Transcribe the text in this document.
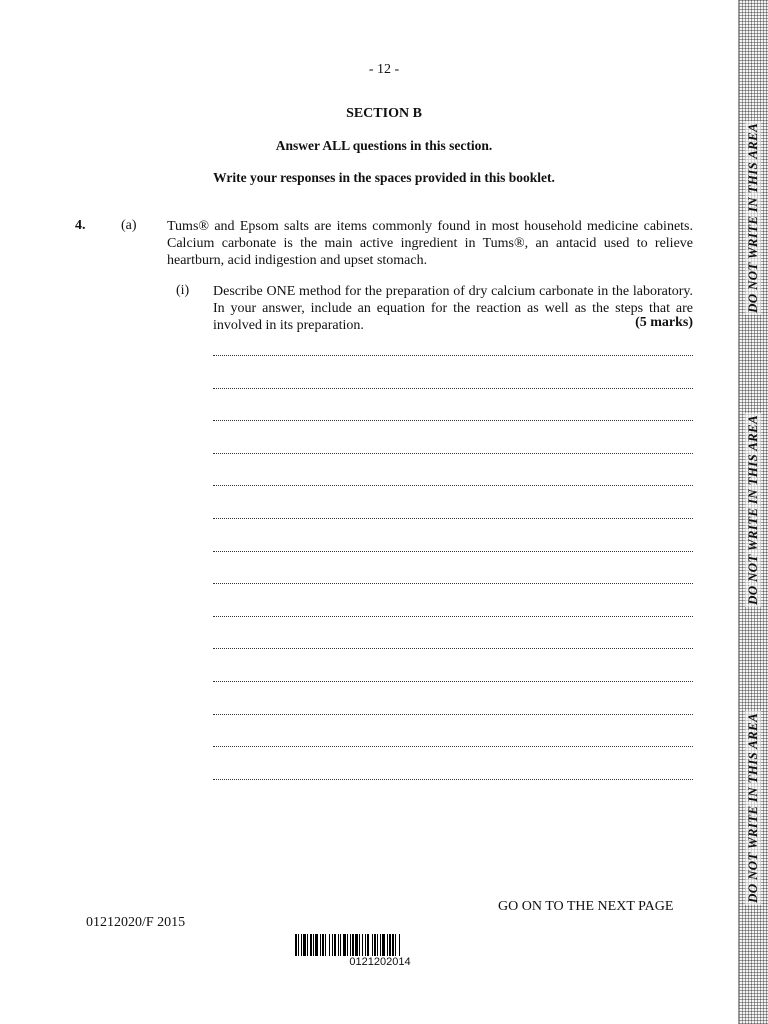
- 12 -
SECTION B
Answer ALL questions in this section.
Write your responses in the spaces provided in this booklet.
4.	(a) Tums® and Epsom salts are items commonly found in most household medicine cabinets. Calcium carbonate is the main active ingredient in Tums®, an antacid used to relieve heartburn, acid indigestion and upset stomach.
(i) Describe ONE method for the preparation of dry calcium carbonate in the laboratory. In your answer, include an equation for the reaction as well as the steps that are involved in its preparation.	(5 marks)
GO ON TO THE NEXT PAGE
01212020/F 2015
0121202014
DO NOT WRITE IN THIS AREA
DO NOT WRITE IN THIS AREA
DO NOT WRITE IN THIS AREA
